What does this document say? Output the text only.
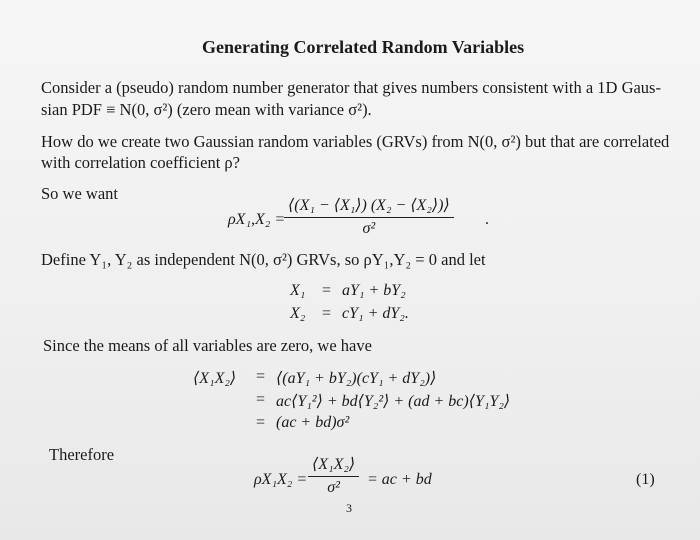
Generating Correlated Random Variables
Consider a (pseudo) random number generator that gives numbers consistent with a 1D Gaus-
sian PDF ≡ N(0, σ²) (zero mean with variance σ²).
How do we create two Gaussian random variables (GRVs) from N(0, σ²) but that are correlated
with correlation coefficient ρ?
So we want
ρX₁,X₂ =
$\frac{\text{⟨(X₁ − ⟨X₁⟩) (X₂ − ⟨X₂⟩)⟩}}{\text{σ²}}$ .
Define Y₁, Y₂ as independent N(0, σ²) GRVs, so ρY₁,Y₂ = 0 and let
X₁ = aY₁ + bY₂
X₂ = cY₁ + dY₂.
Since the means of all variables are zero, we have
⟨X₁X₂⟩ = ⟨(aY₁ + bY₂)(cY₁ + dY₂)⟩
= ac⟨Y₁²⟩ + bd⟨Y₂²⟩ + (ad + bc)⟨Y₁Y₂⟩
= (ac + bd)σ²
Therefore
$\rho X_1X_2 = \frac{\text{⟨X₁X₂⟩}}{\text{σ²}}$ = ac + bd	(1)
3
